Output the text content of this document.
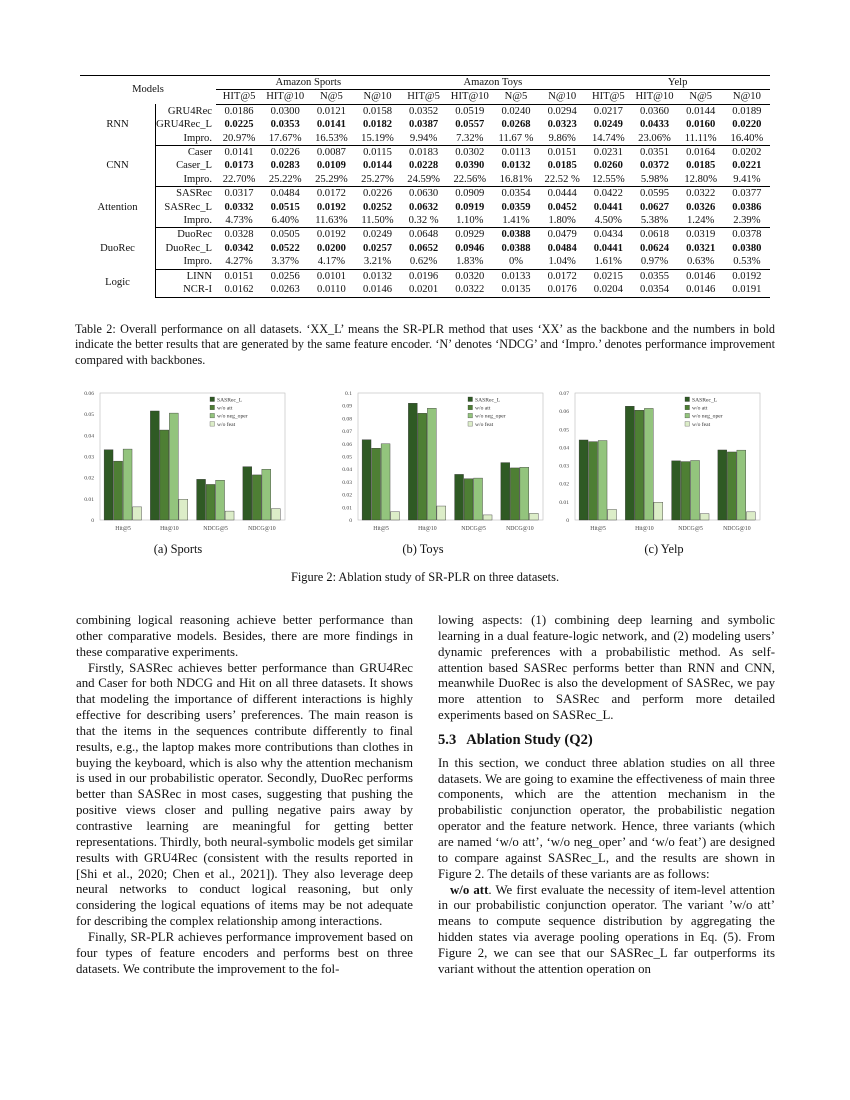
Models		Amazon Sports				Amazon Toys				Yelp			
		HIT@5	HIT@10	N@5	N@10	HIT@5	HIT@10	N@5	N@10	HIT@5	HIT@10	N@5	N@10
RNN	GRU4Rec	0.0186	0.0300	0.0121	0.0158	0.0352	0.0519	0.0240	0.0294	0.0217	0.0360	0.0144	0.0189
	GRU4Rec_L	0.0225	0.0353	0.0141	0.0182	0.0387	0.0557	0.0268	0.0323	0.0249	0.0433	0.0160	0.0220
	Impro.	20.97%	17.67%	16.53%	15.19%	9.94%	7.32%	11.67 %	9.86%	14.74%	23.06%	11.11%	16.40%
CNN	Caser	0.0141	0.0226	0.0087	0.0115	0.0183	0.0302	0.0113	0.0151	0.0231	0.0351	0.0164	0.0202
	Caser_L	0.0173	0.0283	0.0109	0.0144	0.0228	0.0390	0.0132	0.0185	0.0260	0.0372	0.0185	0.0221
	Impro.	22.70%	25.22%	25.29%	25.27%	24.59%	22.56%	16.81%	22.52 %	12.55%	5.98%	12.80%	9.41%
Attention	SASRec	0.0317	0.0484	0.0172	0.0226	0.0630	0.0909	0.0354	0.0444	0.0422	0.0595	0.0322	0.0377
	SASRec_L	0.0332	0.0515	0.0192	0.0252	0.0632	0.0919	0.0359	0.0452	0.0441	0.0627	0.0326	0.0386
	Impro.	4.73%	6.40%	11.63%	11.50%	0.32 %	1.10%	1.41%	1.80%	4.50%	5.38%	1.24%	2.39%
DuoRec	DuoRec	0.0328	0.0505	0.0192	0.0249	0.0648	0.0929	0.0388	0.0479	0.0434	0.0618	0.0319	0.0378
	DuoRec_L	0.0342	0.0522	0.0200	0.0257	0.0652	0.0946	0.0388	0.0484	0.0441	0.0624	0.0321	0.0380
	Impro.	4.27%	3.37%	4.17%	3.21%	0.62%	1.83%	0%	1.04%	1.61%	0.97%	0.63%	0.53%
Logic	LINN	0.0151	0.0256	0.0101	0.0132	0.0196	0.0320	0.0133	0.0172	0.0215	0.0355	0.0146	0.0192
	NCR-I	0.0162	0.0263	0.0110	0.0146	0.0201	0.0322	0.0135	0.0176	0.0204	0.0354	0.0146	0.0191

Table 2: Overall performance on all datasets. ‘XX_L’ means the SR-PLR method that uses ‘XX’ as the backbone and the numbers in bold indicate the better results that are generated by the same feature encoder. ‘N’ denotes ‘NDCG’ and ‘Impro.’ denotes performance improvement compared with backbones.

0
0.01
0.02
0.03
0.04
0.05
0.06
Hit@5	Hit@10	NDCG@5	NDCG@10
SASRec_L
w/o att
w/o neg_oper
w/o feat
0
0.01
0.02
0.03
0.04
0.05
0.06
0.07
0.08
0.09
0.1
Hit@5	Hit@10	NDCG@5	NDCG@10
SASRec_L
w/o att
w/o neg_oper
w/o feat
0
0.01
0.02
0.03
0.04
0.05
0.06
0.07
Hit@5	Hit@10	NDCG@5	NDCG@10
SASRec_L
w/o att
w/o neg_oper
w/o feat
(a) Sports	(b) Toys	(c) Yelp

Figure 2: Ablation study of SR-PLR on three datasets.

combining logical reasoning achieve better performance than other comparative models. Besides, there are more findings in these comparative experiments.

Firstly, SASRec achieves better performance than GRU4Rec and Caser for both NDCG and Hit on all three datasets. It shows that modeling the importance of different interactions is highly effective for describing users’ preferences. The main reason is that the items in the sequences contribute differently to final results, e.g., the laptop makes more contributions than clothes in buying the keyboard, which is also why the attention mechanism is used in our probabilistic operator. Secondly, DuoRec performs better than SASRec in most cases, suggesting that pushing the positive views closer and pulling negative pairs away by contrastive learning are meaningful for getting better representations. Thirdly, both neural-symbolic models get similar results with GRU4Rec (consistent with the results reported in [Shi et al., 2020; Chen et al., 2021]). They also leverage deep neural networks to conduct logical reasoning, but only considering the logical equations of items may be not adequate for describing the complex relationship among interactions.

Finally, SR-PLR achieves performance improvement based on four types of feature encoders and performs best on three datasets. We contribute the improvement to the fol-

lowing aspects: (1) combining deep learning and symbolic learning in a dual feature-logic network, and (2) modeling users’ dynamic preferences with a probabilistic method. As self-attention based SASRec performs better than RNN and CNN, meanwhile DuoRec is also the development of SASRec, we pay more attention to SASRec and perform more detailed experiments based on SASRec_L.

5.3 Ablation Study (Q2)

In this section, we conduct three ablation studies on all three datasets. We are going to examine the effectiveness of main three components, which are the attention mechanism in the probabilistic conjunction operator, the probabilistic negation operator and the feature network. Hence, three variants (which are named ‘w/o att’, ‘w/o neg_oper’ and ‘w/o feat’) are designed to compare against SASRec_L, and the results are shown in Figure 2. The details of these variants are as follows:

w/o att. We first evaluate the necessity of item-level attention in our probabilistic conjunction operator. The variant ’w/o att’ means to compute sequence distribution by aggregating the hidden states via average pooling operations in Eq. (5). From Figure 2, we can see that our SASRec_L far outperforms its variant without the attention operation on
